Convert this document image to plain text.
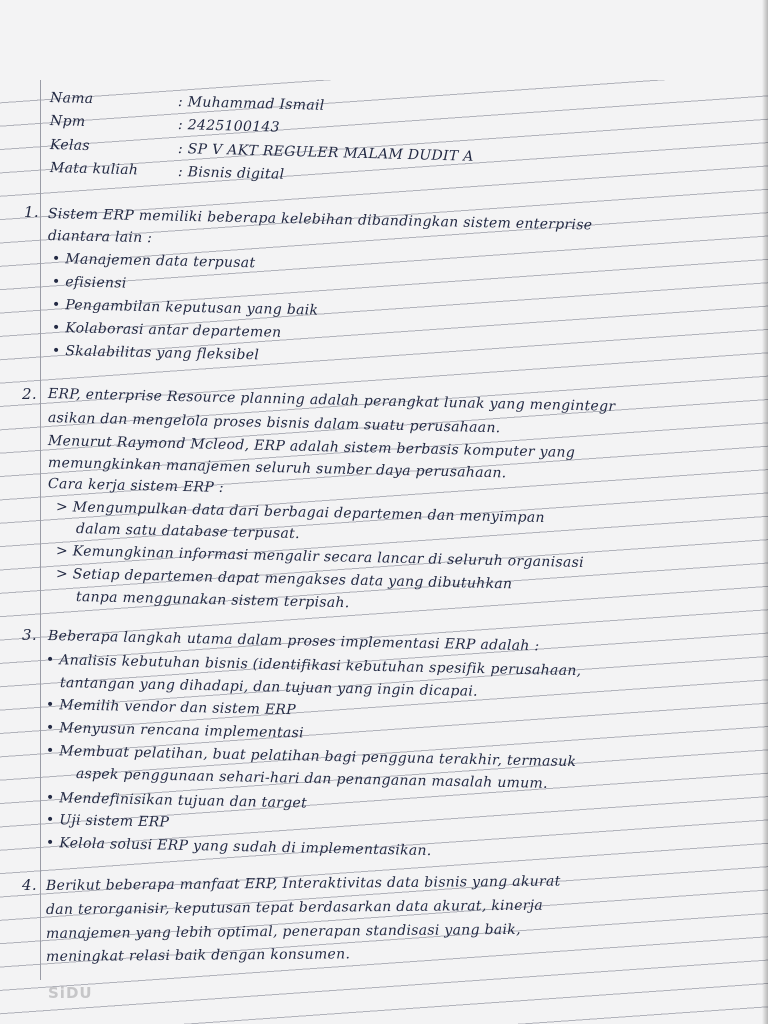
Nama	: Muhammad Ismail

Npm	: 2425100143

Kelas	: SP V AKT REGULER MALAM DUDIT A

Mata kuliah	: Bisnis digital

1. Sistem ERP memiliki beberapa kelebihan dibandingkan sistem enterprise

diantara lain :

• Manajemen data terpusat

• efisiensi

• Pengambilan keputusan yang baik

• Kolaborasi antar departemen

• Skalabilitas yang fleksibel

2. ERP, enterprise Resource planning adalah perangkat lunak yang mengintegr

asikan dan mengelola proses bisnis dalam suatu perusahaan.

Menurut Raymond Mcleod, ERP adalah sistem berbasis komputer yang

memungkinkan manajemen seluruh sumber daya perusahaan.

Cara kerja sistem ERP :

> Mengumpulkan data dari berbagai departemen dan menyimpan

dalam satu database terpusat.

> Kemungkinan informasi mengalir secara lancar di seluruh organisasi

> Setiap departemen dapat mengakses data yang dibutuhkan

tanpa menggunakan sistem terpisah.

3. Beberapa langkah utama dalam proses implementasi ERP adalah :

• Analisis kebutuhan bisnis (identifikasi kebutuhan spesifik perusahaan,

tantangan yang dihadapi, dan tujuan yang ingin dicapai.

• Memilih vendor dan sistem ERP

• Menyusun rencana implementasi

• Membuat pelatihan, buat pelatihan bagi pengguna terakhir, termasuk

aspek penggunaan sehari-hari dan penanganan masalah umum.

• Mendefinisikan tujuan dan target

• Uji sistem ERP

• Kelola solusi ERP yang sudah di implementasikan.

4. Berikut beberapa manfaat ERP, Interaktivitas data bisnis yang akurat

dan terorganisir, keputusan tepat berdasarkan data akurat, kinerja

manajemen yang lebih optimal, penerapan standisasi yang baik,

meningkat relasi baik dengan konsumen.

SiDU
